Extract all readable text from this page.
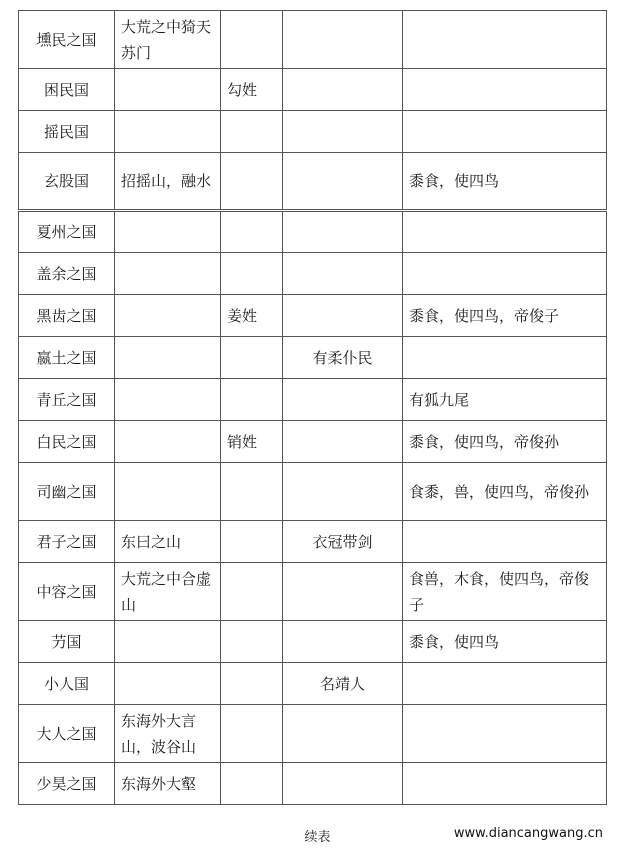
壎民之国	大荒之中猗天苏门			
困民国		勾姓		
摇民国				
玄股国	招摇山，融水			黍食，使四鸟
夏州之国				
盖余之国				
黑齿之国		姜姓		黍食，使四鸟，帝俊子
嬴土之国			有柔仆民	
青丘之国				有狐九尾
白民之国		销姓		黍食，使四鸟，帝俊孙
司幽之国				食黍，兽，使四鸟，帝俊孙
君子之国	东曰之山		衣冠带剑	
中容之国	大荒之中合虚山			食兽，木食，使四鸟，帝俊子
芀国				黍食，使四鸟
小人国			名靖人	
大人之国	东海外大言山，波谷山			
少昊之国	东海外大壑			
续表	www.diancangwang.cn
